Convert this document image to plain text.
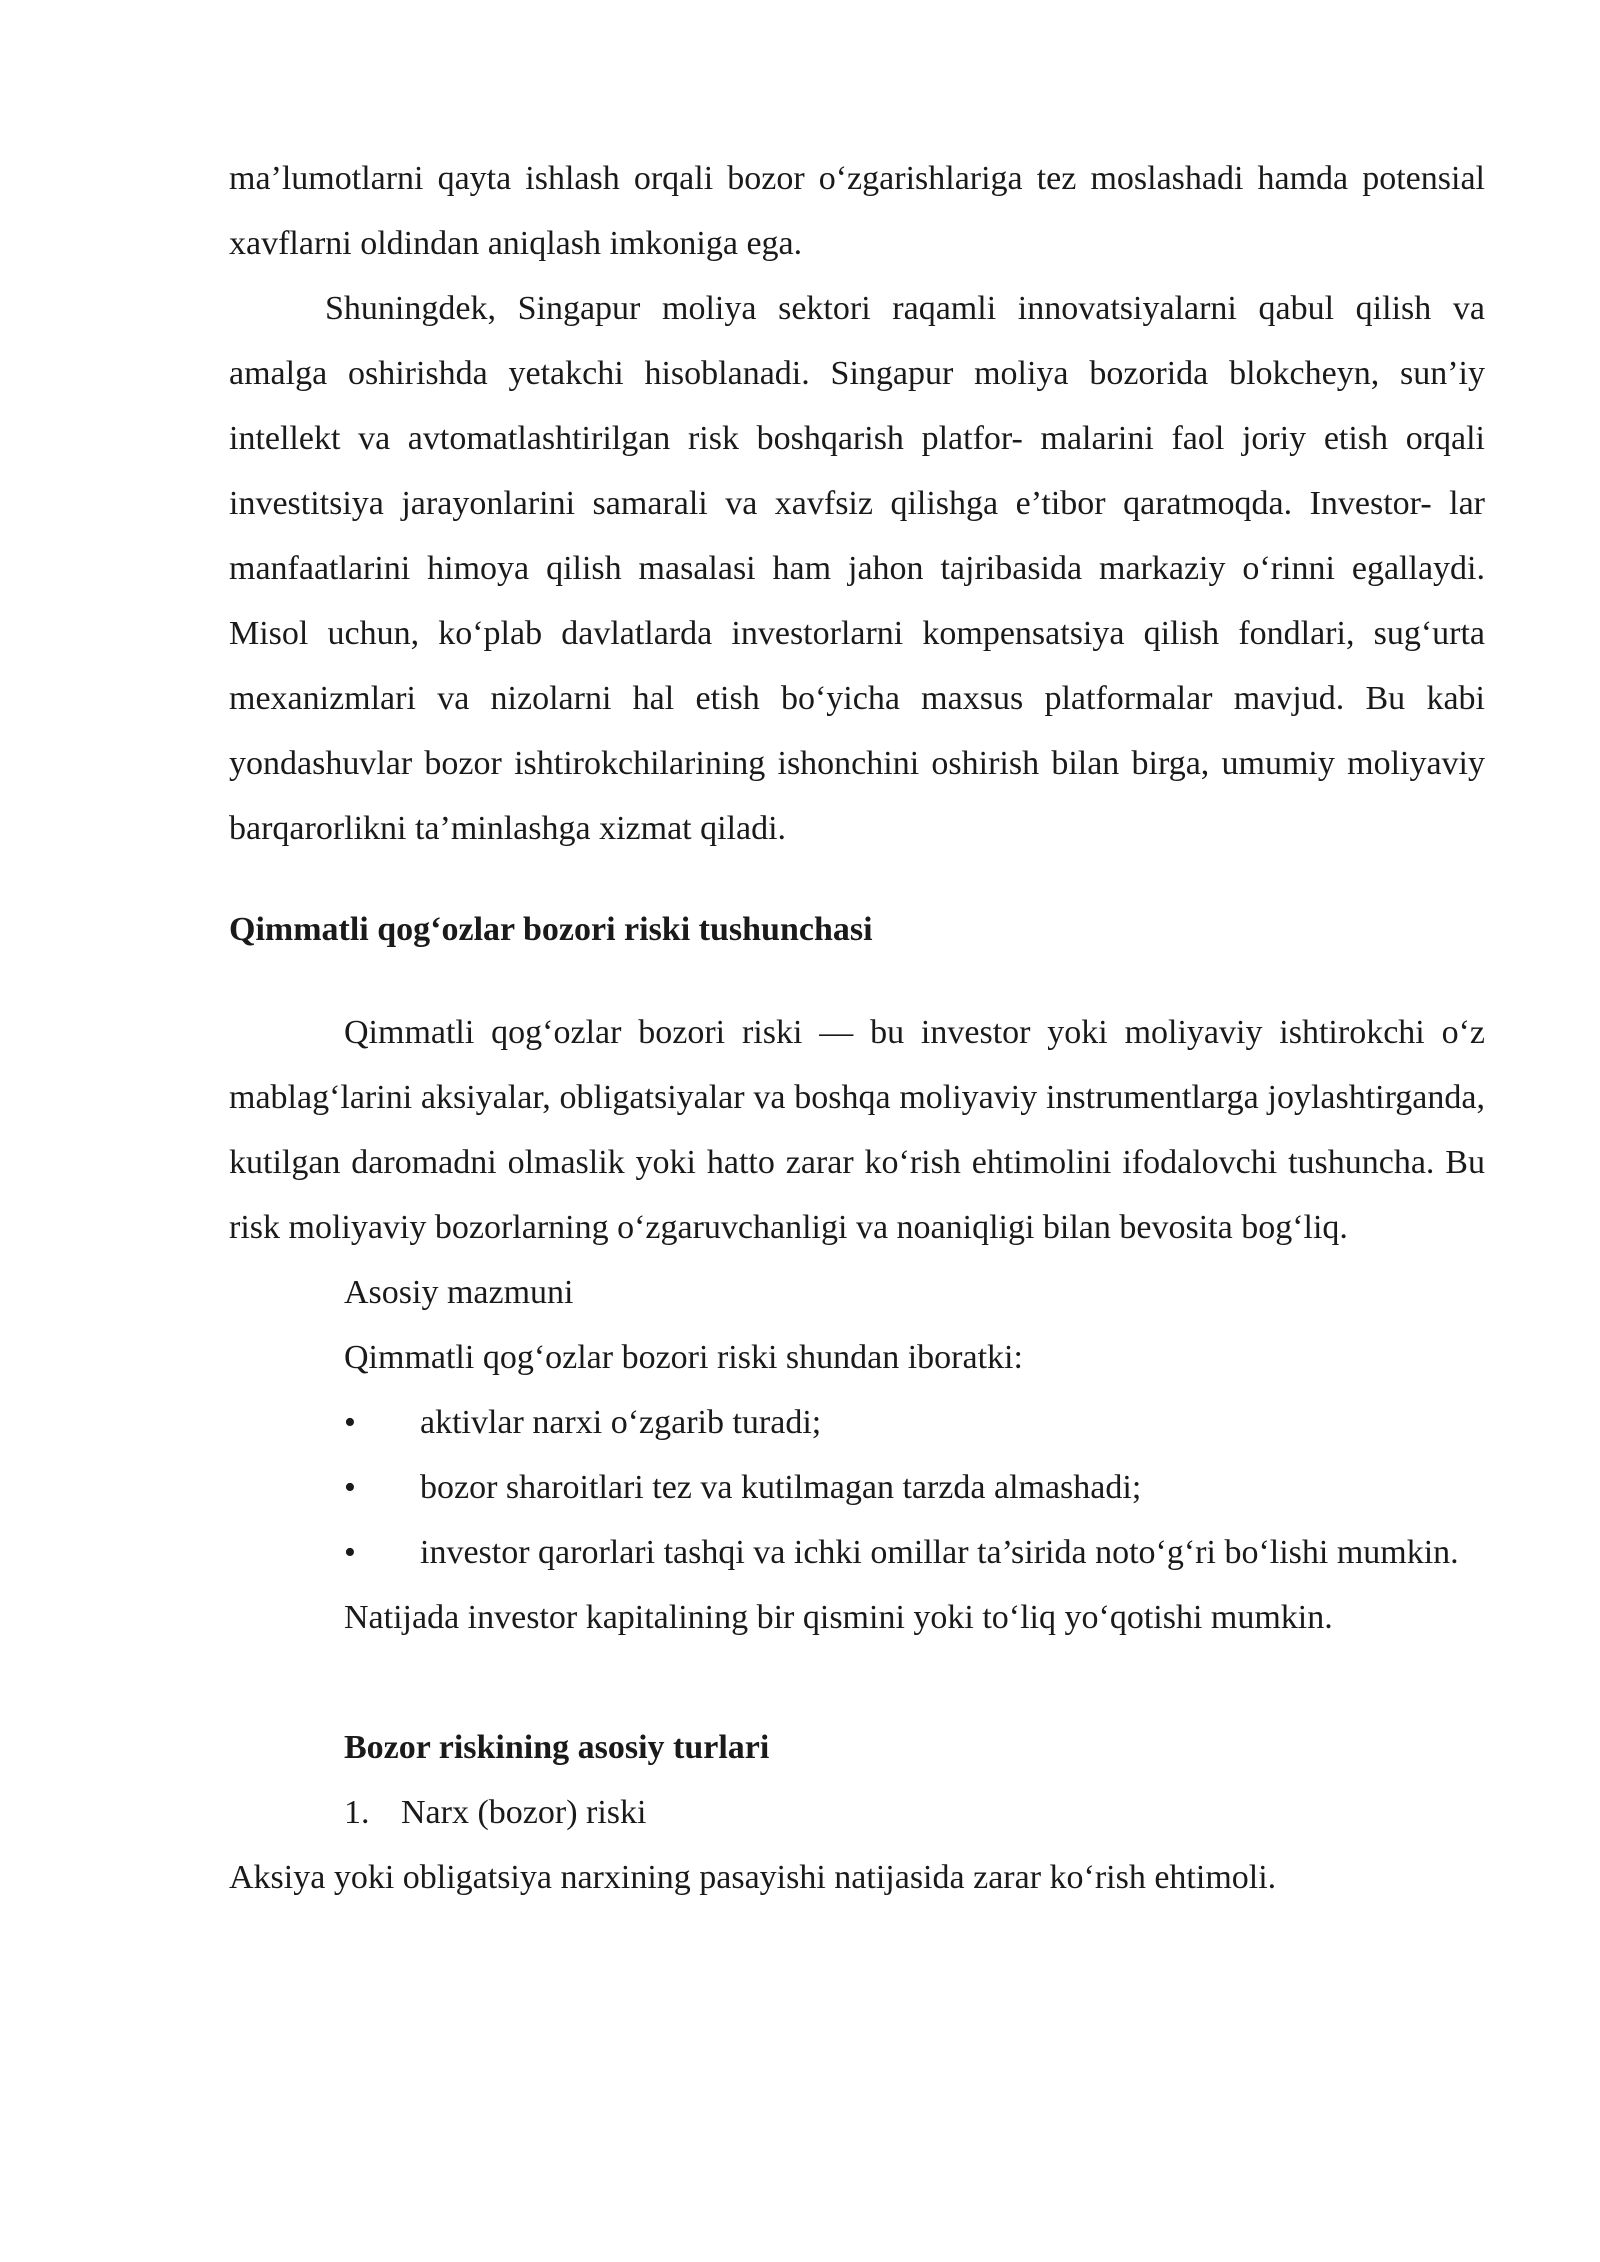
ma’lumotlarni qayta ishlash orqali bozor o‘zgarishlariga tez moslashadi hamda potensial xavflarni oldindan aniqlash imkoniga ega.

Shuningdek, Singapur moliya sektori raqamli innovatsiyalarni qabul qilish va amalga oshirishda yetakchi hisoblanadi. Singapur moliya bozorida blokcheyn, sun’iy intellekt va avtomatlashtirilgan risk boshqarish platfor- malarini faol joriy etish orqali investitsiya jarayonlarini samarali va xavfsiz qilishga e’tibor qaratmoqda. Investor- lar manfaatlarini himoya qilish masalasi ham jahon tajribasida markaziy o‘rinni egallaydi. Misol uchun, ko‘plab davlatlarda investorlarni kompensatsiya qilish fondlari, sug‘urta mexanizmlari va nizolarni hal etish bo‘yicha maxsus platformalar mavjud. Bu kabi yondashuvlar bozor ishtirokchilarining ishonchini oshirish bilan birga, umumiy moliyaviy barqarorlikni ta’minlashga xizmat qiladi.

Qimmatli qog‘ozlar bozori riski tushunchasi

Qimmatli qog‘ozlar bozori riski — bu investor yoki moliyaviy ishtirokchi o‘z mablag‘larini aksiyalar, obligatsiyalar va boshqa moliyaviy instrumentlarga joylashtirganda, kutilgan daromadni olmaslik yoki hatto zarar ko‘rish ehtimolini ifodalovchi tushuncha. Bu risk moliyaviy bozorlarning o‘zgaruvchanligi va noaniqligi bilan bevosita bog‘liq.

Asosiy mazmuni

Qimmatli qog‘ozlar bozori riski shundan iboratki:

• aktivlar narxi o‘zgarib turadi;
• bozor sharoitlari tez va kutilmagan tarzda almashadi;
•	investor qarorlari tashqi va ichki omillar ta’sirida noto‘g‘ri bo‘lishi mumkin.

Natijada investor kapitalining bir qismini yoki to‘liq yo‘qotishi mumkin.

Bozor riskining asosiy turlari

1. Narx (bozor) riski

Aksiya yoki obligatsiya narxining pasayishi natijasida zarar ko‘rish ehtimoli.
